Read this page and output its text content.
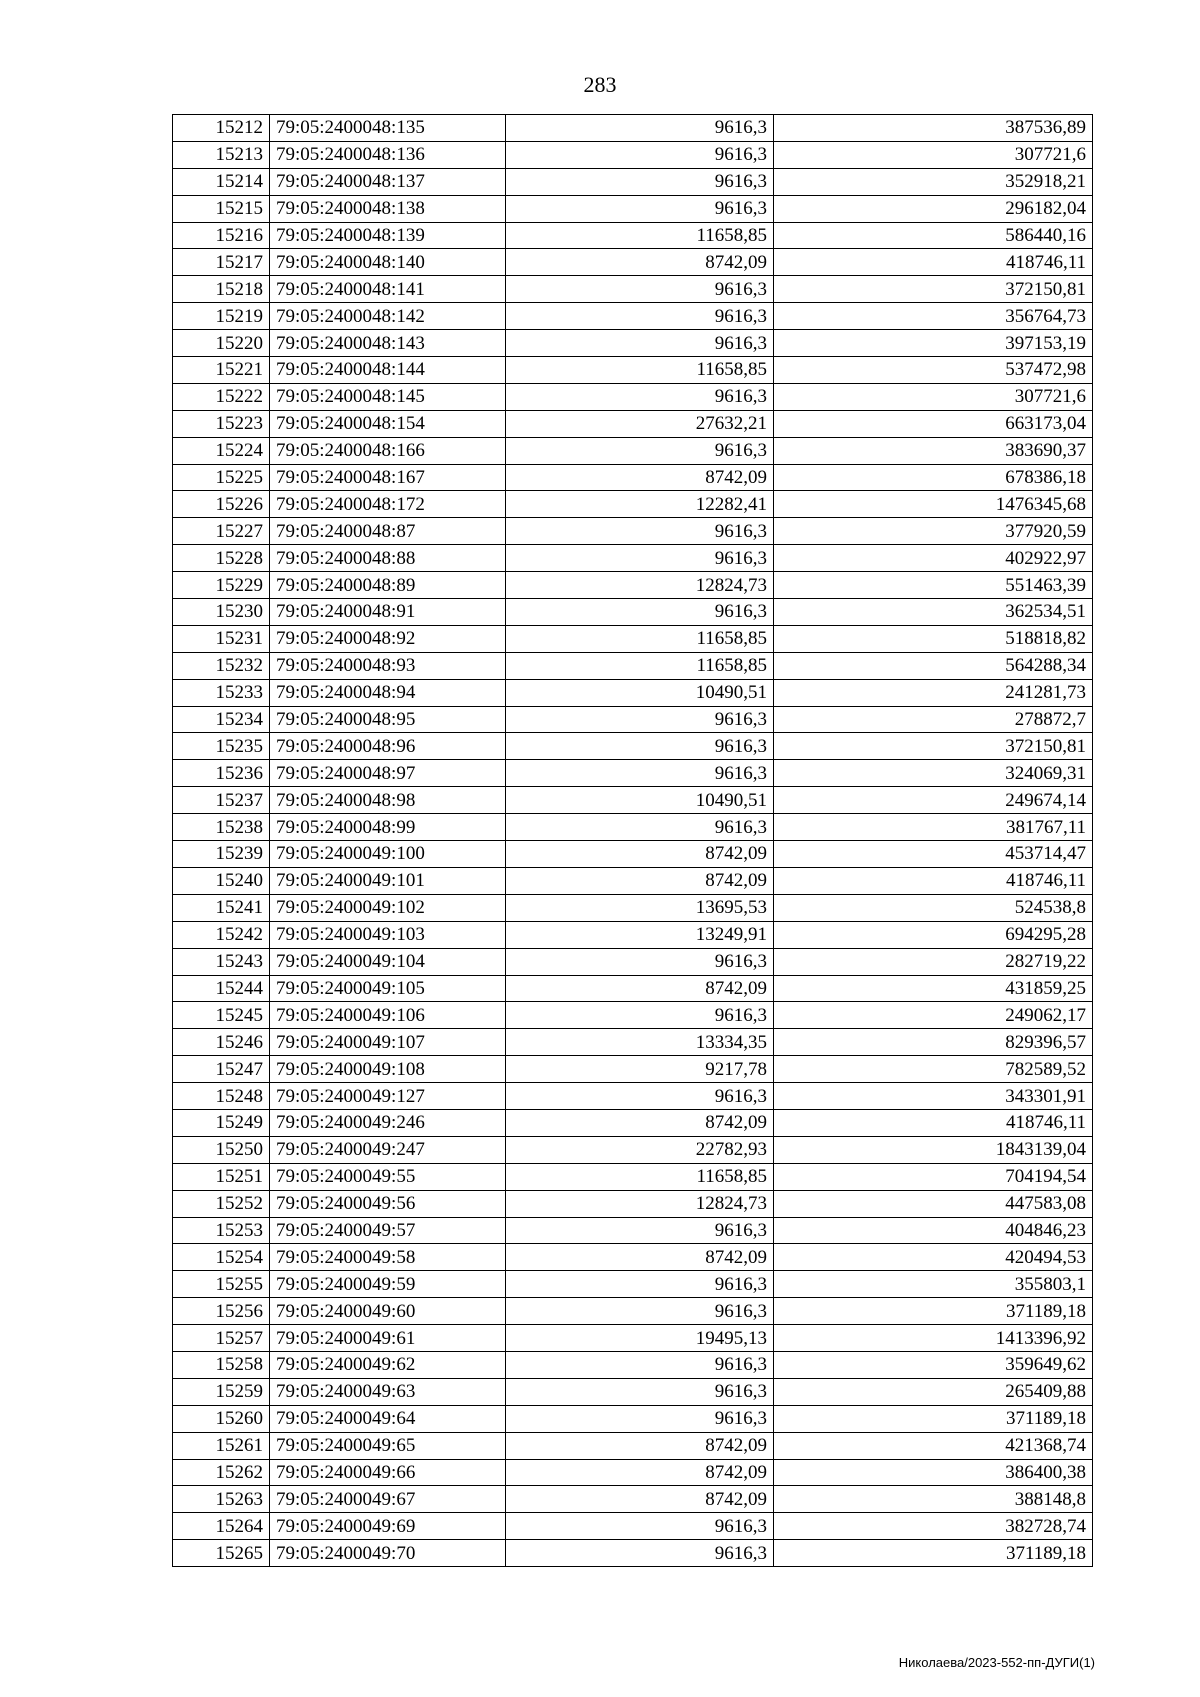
283
15212	79:05:2400048:135	9616,3	387536,89
15213	79:05:2400048:136	9616,3	307721,6
15214	79:05:2400048:137	9616,3	352918,21
15215	79:05:2400048:138	9616,3	296182,04
15216	79:05:2400048:139	11658,85	586440,16
15217	79:05:2400048:140	8742,09	418746,11
15218	79:05:2400048:141	9616,3	372150,81
15219	79:05:2400048:142	9616,3	356764,73
15220	79:05:2400048:143	9616,3	397153,19
15221	79:05:2400048:144	11658,85	537472,98
15222	79:05:2400048:145	9616,3	307721,6
15223	79:05:2400048:154	27632,21	663173,04
15224	79:05:2400048:166	9616,3	383690,37
15225	79:05:2400048:167	8742,09	678386,18
15226	79:05:2400048:172	12282,41	1476345,68
15227	79:05:2400048:87	9616,3	377920,59
15228	79:05:2400048:88	9616,3	402922,97
15229	79:05:2400048:89	12824,73	551463,39
15230	79:05:2400048:91	9616,3	362534,51
15231	79:05:2400048:92	11658,85	518818,82
15232	79:05:2400048:93	11658,85	564288,34
15233	79:05:2400048:94	10490,51	241281,73
15234	79:05:2400048:95	9616,3	278872,7
15235	79:05:2400048:96	9616,3	372150,81
15236	79:05:2400048:97	9616,3	324069,31
15237	79:05:2400048:98	10490,51	249674,14
15238	79:05:2400048:99	9616,3	381767,11
15239	79:05:2400049:100	8742,09	453714,47
15240	79:05:2400049:101	8742,09	418746,11
15241	79:05:2400049:102	13695,53	524538,8
15242	79:05:2400049:103	13249,91	694295,28
15243	79:05:2400049:104	9616,3	282719,22
15244	79:05:2400049:105	8742,09	431859,25
15245	79:05:2400049:106	9616,3	249062,17
15246	79:05:2400049:107	13334,35	829396,57
15247	79:05:2400049:108	9217,78	782589,52
15248	79:05:2400049:127	9616,3	343301,91
15249	79:05:2400049:246	8742,09	418746,11
15250	79:05:2400049:247	22782,93	1843139,04
15251	79:05:2400049:55	11658,85	704194,54
15252	79:05:2400049:56	12824,73	447583,08
15253	79:05:2400049:57	9616,3	404846,23
15254	79:05:2400049:58	8742,09	420494,53
15255	79:05:2400049:59	9616,3	355803,1
15256	79:05:2400049:60	9616,3	371189,18
15257	79:05:2400049:61	19495,13	1413396,92
15258	79:05:2400049:62	9616,3	359649,62
15259	79:05:2400049:63	9616,3	265409,88
15260	79:05:2400049:64	9616,3	371189,18
15261	79:05:2400049:65	8742,09	421368,74
15262	79:05:2400049:66	8742,09	386400,38
15263	79:05:2400049:67	8742,09	388148,8
15264	79:05:2400049:69	9616,3	382728,74
15265	79:05:2400049:70	9616,3	371189,18
Николаева/2023-552-пп-ДУГИ(1)
